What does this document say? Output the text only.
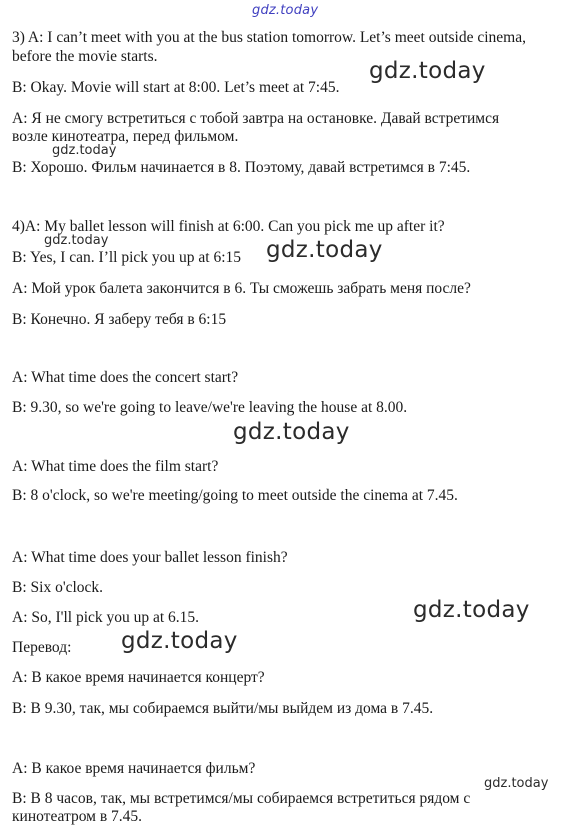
3) A: I can’t meet with you at the bus station tomorrow. Let’s meet outside cinema,
before the movie starts.
B: Okay. Movie will start at 8:00. Let’s meet at 7:45.
А: Я не смогу встретиться с тобой завтра на остановке. Давай встретимся
возле кинотеатра, перед фильмом.
В: Хорошо. Фильм начинается в 8. Поэтому, давай встретимся в 7:45.
4)A: My ballet lesson will finish at 6:00. Can you pick me up after it?
B: Yes, I can. I’ll pick you up at 6:15
А: Мой урок балета закончится в 6. Ты сможешь забрать меня после?
В: Конечно. Я заберу тебя в 6:15
A: What time does the concert start?
B: 9.30, so we're going to leave/we're leaving the house at 8.00.
A: What time does the film start?
B: 8 o'clock, so we're meeting/going to meet outside the cinema at 7.45.
A: What time does your ballet lesson finish?
B: Six o'clock.
A: So, I'll pick you up at 6.15.
Перевод:
А: В какое время начинается концерт?
В: В 9.30, так, мы собираемся выйти/мы выйдем из дома в 7.45.
А: В какое время начинается фильм?
В: В 8 часов, так, мы встретимся/мы собираемся встретиться рядом с
кинотеатром в 7.45.
gdz.today
gdz.today
gdz.today
gdz.today	gdz.today
gdz.today
gdz.today
gdz.today
gdz.today
